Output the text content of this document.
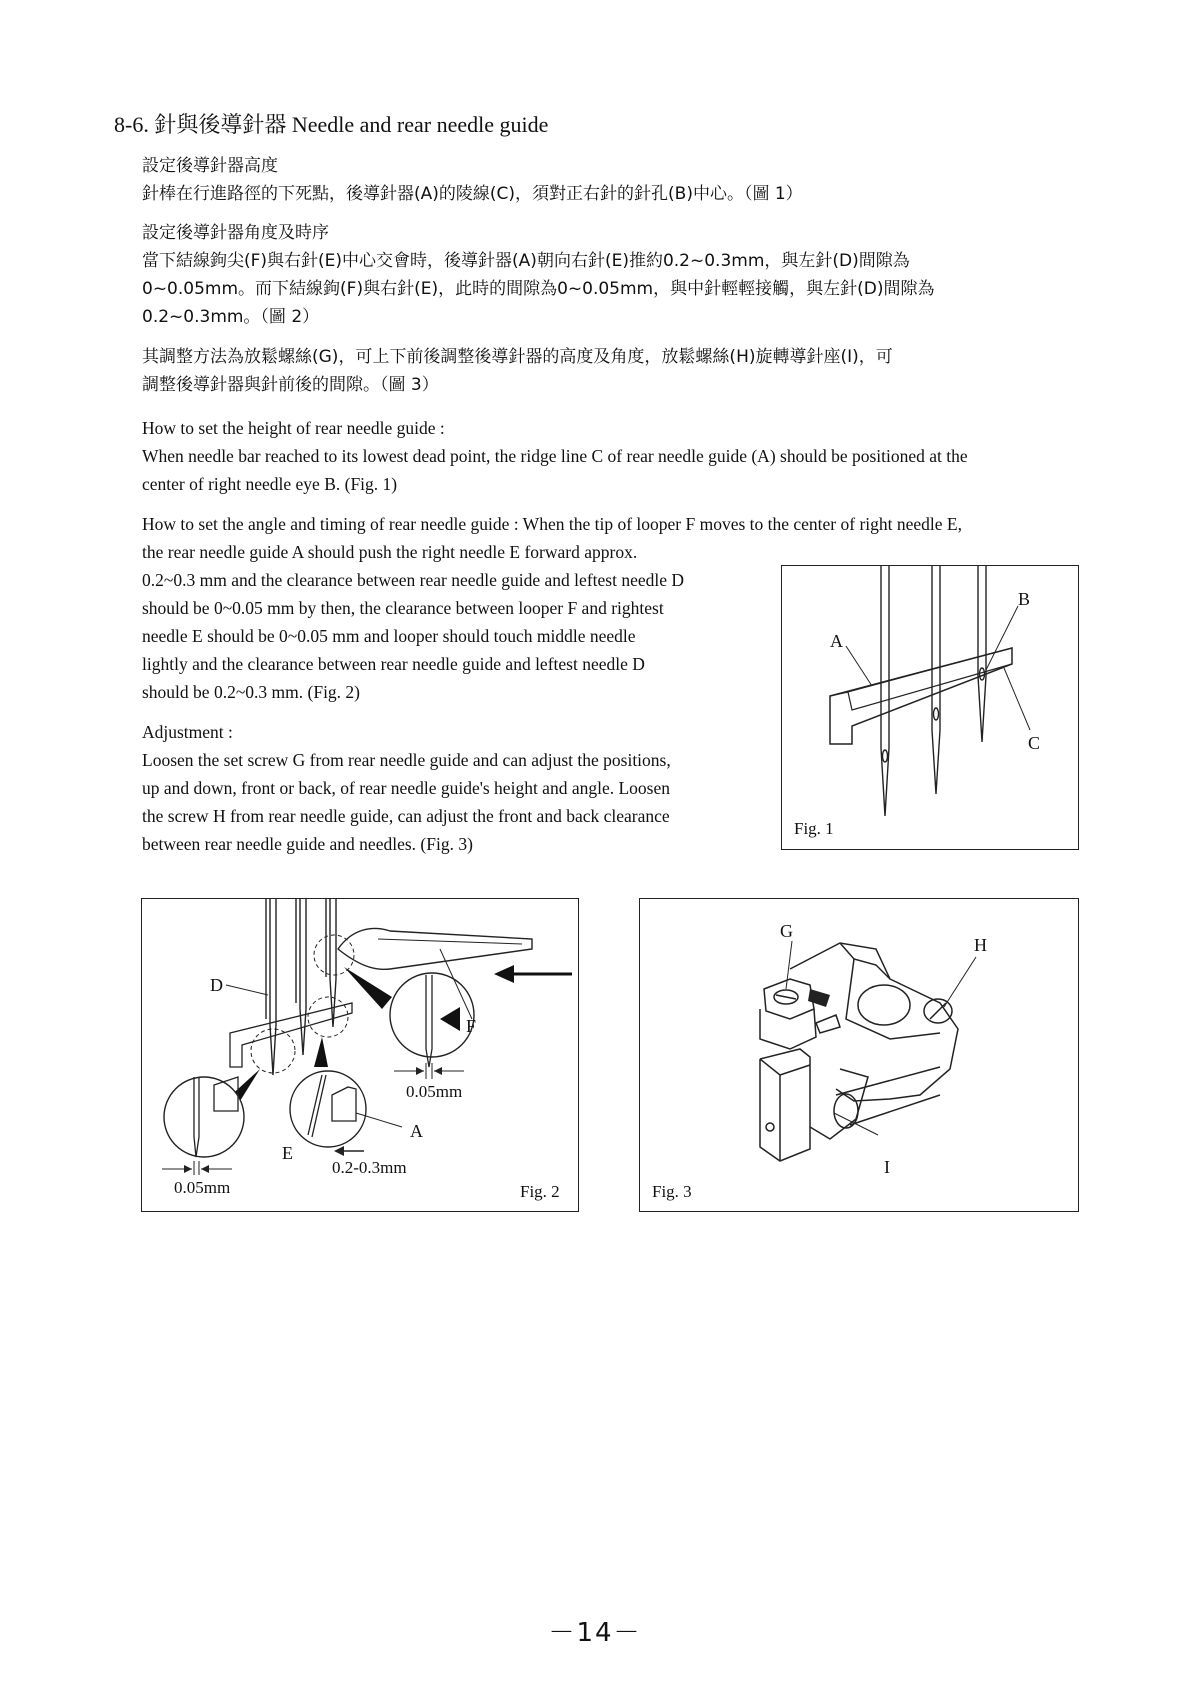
8-6. 針與後導針器 Needle and rear needle guide
設定後導針器高度
針棒在行進路徑的下死點，後導針器(A)的陵線(C)，須對正右針的針孔(B)中心。（圖 1）
設定後導針器角度及時序
當下結線鉤尖(F)與右針(E)中心交會時，後導針器(A)朝向右針(E)推約0.2~0.3mm，與左針(D)間隙為
0~0.05mm。而下結線鉤(F)與右針(E)，此時的間隙為0~0.05mm，與中針輕輕接觸，與左針(D)間隙為
0.2~0.3mm。（圖 2）
其調整方法為放鬆螺絲(G)，可上下前後調整後導針器的高度及角度，放鬆螺絲(H)旋轉導針座(I)，可
調整後導針器與針前後的間隙。（圖 3）
How to set the height of rear needle guide :
When needle bar reached to its lowest dead point, the ridge line C of rear needle guide (A) should be positioned at the
center of right needle eye B. (Fig. 1)
How to set the angle and timing of rear needle guide : When the tip of looper F moves to the center of right needle E,
the rear needle guide A should push the right needle E forward approx.
0.2~0.3 mm and the clearance between rear needle guide and leftest needle D
should be 0~0.05 mm by then, the clearance between looper F and rightest
needle E should be 0~0.05 mm and looper should touch middle needle
lightly and the clearance between rear needle guide and leftest needle D
should be 0.2~0.3 mm. (Fig. 2)
Adjustment :
Loosen the set screw G from rear needle guide and can adjust the positions,
up and down, front or back, of rear needle guide's height and angle. Loosen
the screw H from rear needle guide, can adjust the front and back clearance
between rear needle guide and needles. (Fig. 3)
A
B
C
Fig. 1
D
F
0.05mm
A
E
0.2-0.3mm
0.05mm	Fig. 2
G
H
I
Fig. 3
－14－
